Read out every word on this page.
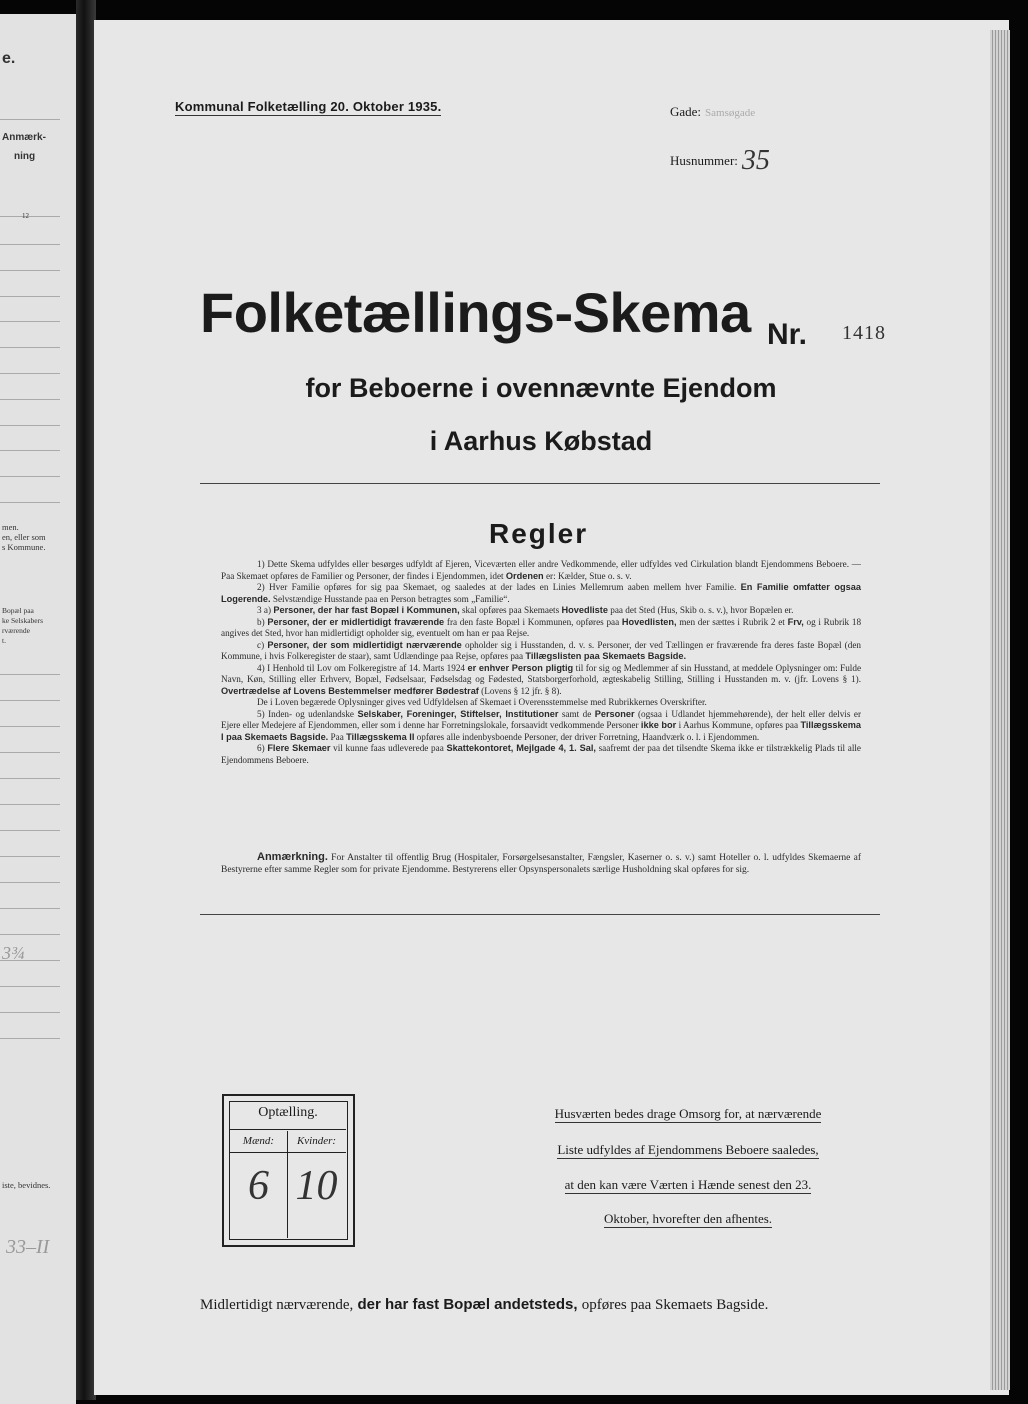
e.
Anmærk-
ning
12
men.
en, eller som
s Kommune.
Bopæl paa
ke Selskabers
rværende
t.
3¾
iste, bevidnes.
33–II
Kommunal Folketælling 20. Oktober 1935.	Gade: Samsøgade
Husnummer: 35
Folketællings-Skema Nr. 1418
for Beboerne i ovennævnte Ejendom
i Aarhus Købstad
Regler

1) Dette Skema udfyldes eller besørges udfyldt af Ejeren, Viceværten eller andre Vedkommende, eller udfyldes ved Cirkulation blandt Ejendommens Beboere. — Paa Skemaet opføres de Familier og Personer, der findes i Ejendommen, idet Ordenen er: Kælder, Stue o. s. v.

2) Hver Familie opføres for sig paa Skemaet, og saaledes at der lades en Linies Mellemrum aaben mellem hver Familie. En Familie omfatter ogsaa Logerende. Selvstændige Husstande paa en Person betragtes som „Familie“.

3 a) Personer, der har fast Bopæl i Kommunen, skal opføres paa Skemaets Hovedliste paa det Sted (Hus, Skib o. s. v.), hvor Bopælen er.

b) Personer, der er midlertidigt fraværende fra den faste Bopæl i Kommunen, opføres paa Hovedlisten, men der sættes i Rubrik 2 et Frv, og i Rubrik 18 angives det Sted, hvor han midlertidigt opholder sig, eventuelt om han er paa Rejse.

c) Personer, der som midlertidigt nærværende opholder sig i Husstanden, d. v. s. Personer, der ved Tællingen er fraværende fra deres faste Bopæl (den Kommune, i hvis Folkeregister de staar), samt Udlændinge paa Rejse, opføres paa Tillægslisten paa Skemaets Bagside.

4) I Henhold til Lov om Folkeregistre af 14. Marts 1924 er enhver Person pligtig til for sig og Medlemmer af sin Husstand, at meddele Oplysninger om: Fulde Navn, Køn, Stilling eller Erhverv, Bopæl, Fødselsaar, Fødselsdag og Fødested, Statsborgerforhold, ægteskabelig Stilling, Stilling i Husstanden m. v. (jfr. Lovens § 1). Overtrædelse af Lovens Bestemmelser medfører Bødestraf (Lovens § 12 jfr. § 8).

De i Loven begærede Oplysninger gives ved Udfyldelsen af Skemaet i Overensstemmelse med Rubrikkernes Overskrifter.

5) Inden- og udenlandske Selskaber, Foreninger, Stiftelser, Institutioner samt de Personer (ogsaa i Udlandet hjemmehørende), der helt eller delvis er Ejere eller Medejere af Ejendommen, eller som i denne har Forretningslokale, forsaavidt vedkommende Personer ikke bor i Aarhus Kommune, opføres paa Tillægsskema I paa Skemaets Bagside. Paa Tillægsskema II opføres alle indenbysboende Personer, der driver Forretning, Haandværk o. l. i Ejendommen.

6) Flere Skemaer vil kunne faas udleverede paa Skattekontoret, Mejlgade 4, 1. Sal, saafremt der paa det tilsendte Skema ikke er tilstrækkelig Plads til alle Ejendommens Beboere.

Anmærkning. For Anstalter til offentlig Brug (Hospitaler, Forsørgelsesanstalter, Fængsler, Kaserner o. s. v.) samt Hoteller o. l. udfyldes Skemaerne af Bestyrerne efter samme Regler som for private Ejendomme. Bestyrerens eller Opsynspersonalets særlige Husholdning skal opføres for sig.
Optælling.
Mænd:	Kvinder:
6 10
Husværten bedes drage Omsorg for, at nærværende
Liste udfyldes af Ejendommens Beboere saaledes,
at den kan være Værten i Hænde senest den 23.
Oktober, hvorefter den afhentes.
Midlertidigt nærværende, der har fast Bopæl andetsteds, opføres paa Skemaets Bagside.
